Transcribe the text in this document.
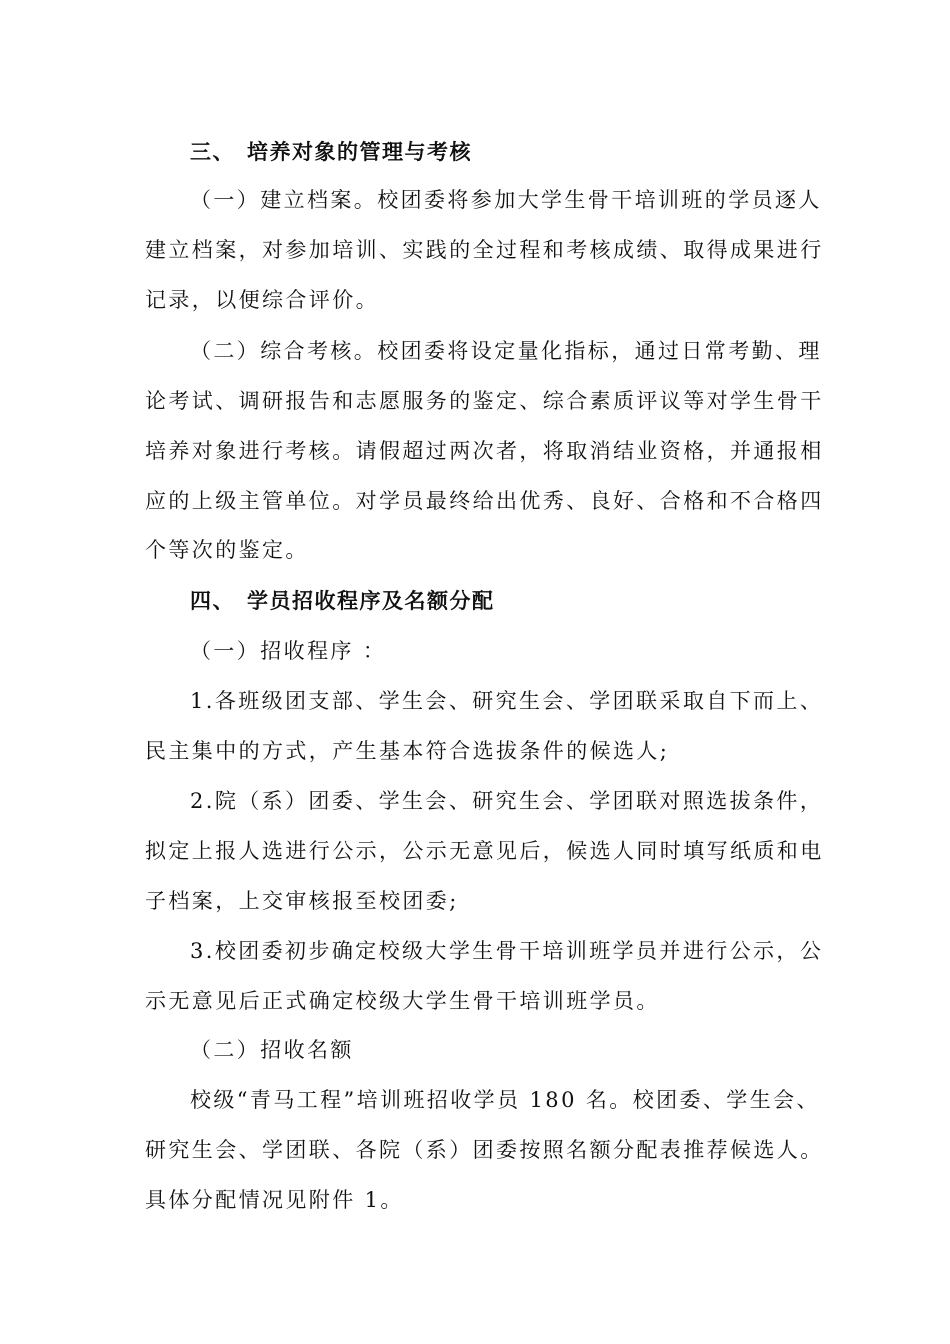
三、 培养对象的管理与考核
（一）建立档案。校团委将参加大学生骨干培训班的学员逐人
建立档案，对参加培训、实践的全过程和考核成绩、取得成果进行
记录，以便综合评价。
（二）综合考核。校团委将设定量化指标，通过日常考勤、理
论考试、调研报告和志愿服务的鉴定、综合素质评议等对学生骨干
培养对象进行考核。请假超过两次者，将取消结业资格，并通报相
应的上级主管单位。对学员最终给出优秀、良好、合格和不合格四
个等次的鉴定。
四、 学员招收程序及名额分配
（一）招收程序 ：
1.各班级团支部、学生会、研究生会、学团联采取自下而上、
民主集中的方式，产生基本符合选拔条件的候选人;
2.院（系）团委、学生会、研究生会、学团联对照选拔条件，
拟定上报人选进行公示，公示无意见后，候选人同时填写纸质和电
子档案，上交审核报至校团委;
3.校团委初步确定校级大学生骨干培训班学员并进行公示，公
示无意见后正式确定校级大学生骨干培训班学员。
（二）招收名额
校级“青马工程”培训班招收学员 180 名。校团委、学生会、
研究生会、学团联、各院（系）团委按照名额分配表推荐候选人。
具体分配情况见附件 1。
